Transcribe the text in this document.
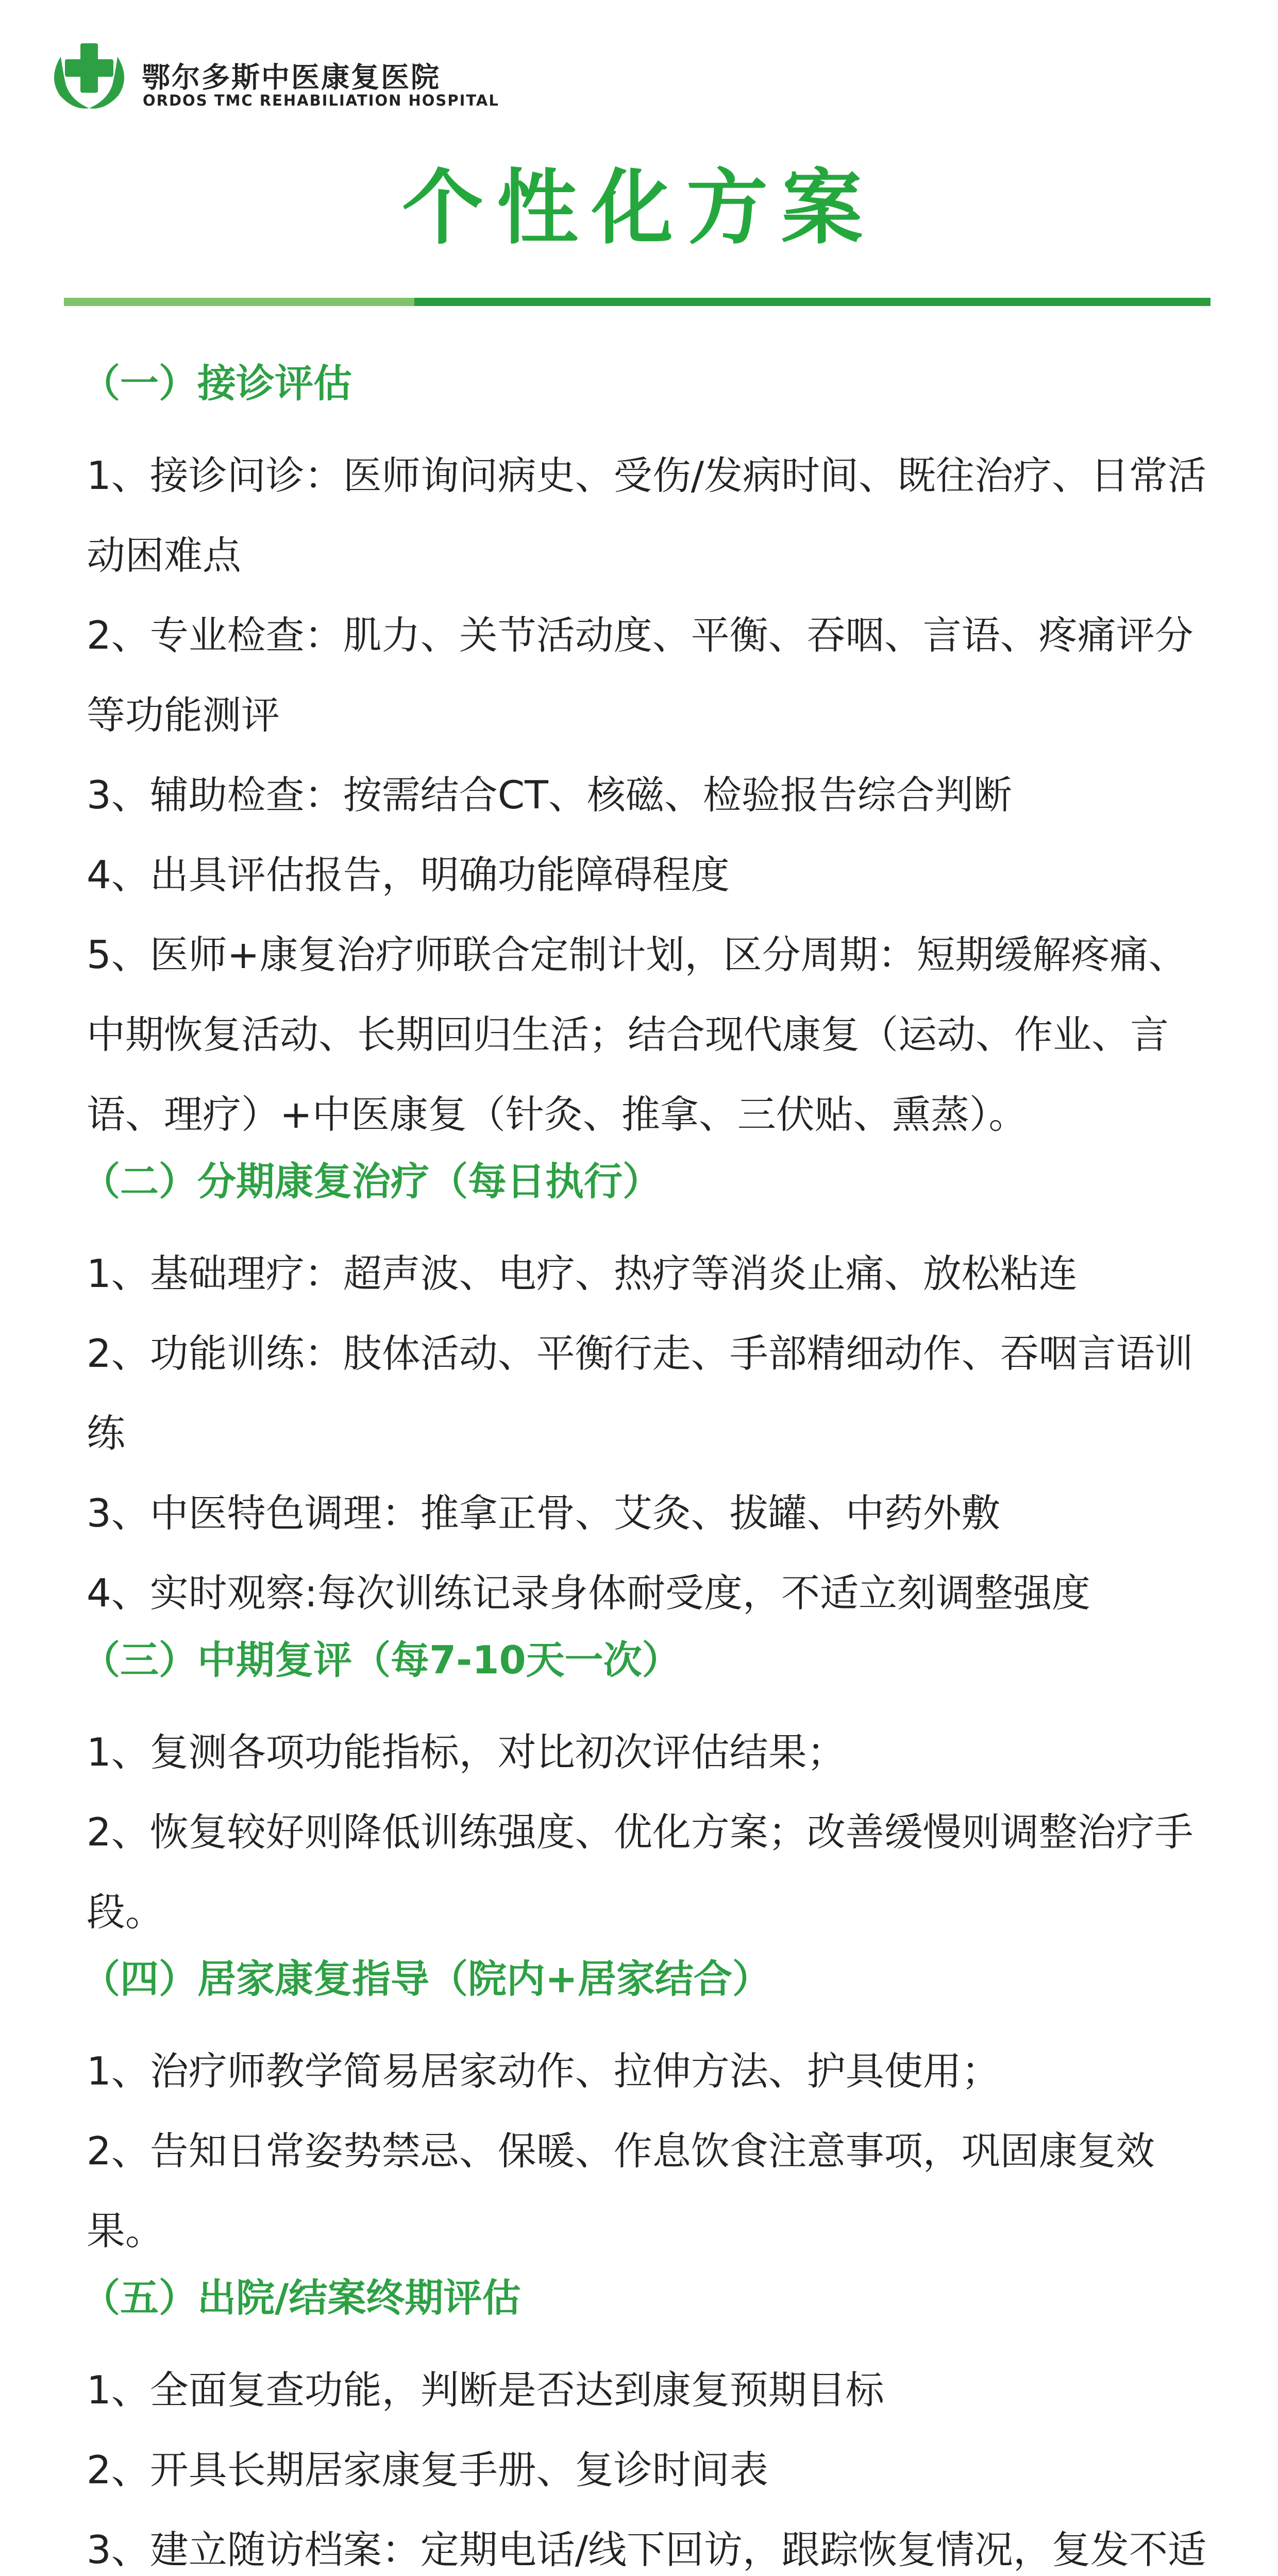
鄂尔多斯中医康复医院
ORDOS TMC REHABILIATION HOSPITAL
个性化方案
（一）接诊评估

1、接诊问诊：医师询问病史、受伤/发病时间、既往治疗、日常活动困难点

2、专业检查：肌力、关节活动度、平衡、吞咽、言语、疼痛评分等功能测评

3、辅助检查：按需结合CT、核磁、检验报告综合判断

4、出具评估报告，明确功能障碍程度

5、医师+康复治疗师联合定制计划，区分周期：短期缓解疼痛、中期恢复活动、长期回归生活；结合现代康复（运动、作业、言语、理疗）+中医康复（针灸、推拿、三伏贴、熏蒸）。

（二）分期康复治疗（每日执行）

1、基础理疗：超声波、电疗、热疗等消炎止痛、放松粘连

2、功能训练：肢体活动、平衡行走、手部精细动作、吞咽言语训练

3、中医特色调理：推拿正骨、艾灸、拔罐、中药外敷

4、实时观察:每次训练记录身体耐受度，不适立刻调整强度

（三）中期复评（每7-10天一次）

1、复测各项功能指标，对比初次评估结果；

2、恢复较好则降低训练强度、优化方案；改善缓慢则调整治疗手段。

（四）居家康复指导（院内+居家结合）

1、治疗师教学简易居家动作、拉伸方法、护具使用；

2、告知日常姿势禁忌、保暖、作息饮食注意事项，巩固康复效果。

（五）出院/结案终期评估

1、全面复查功能，判断是否达到康复预期目标

2、开具长期居家康复手册、复诊时间表

3、建立随访档案：定期电话/线下回访，跟踪恢复情况，复发不适
